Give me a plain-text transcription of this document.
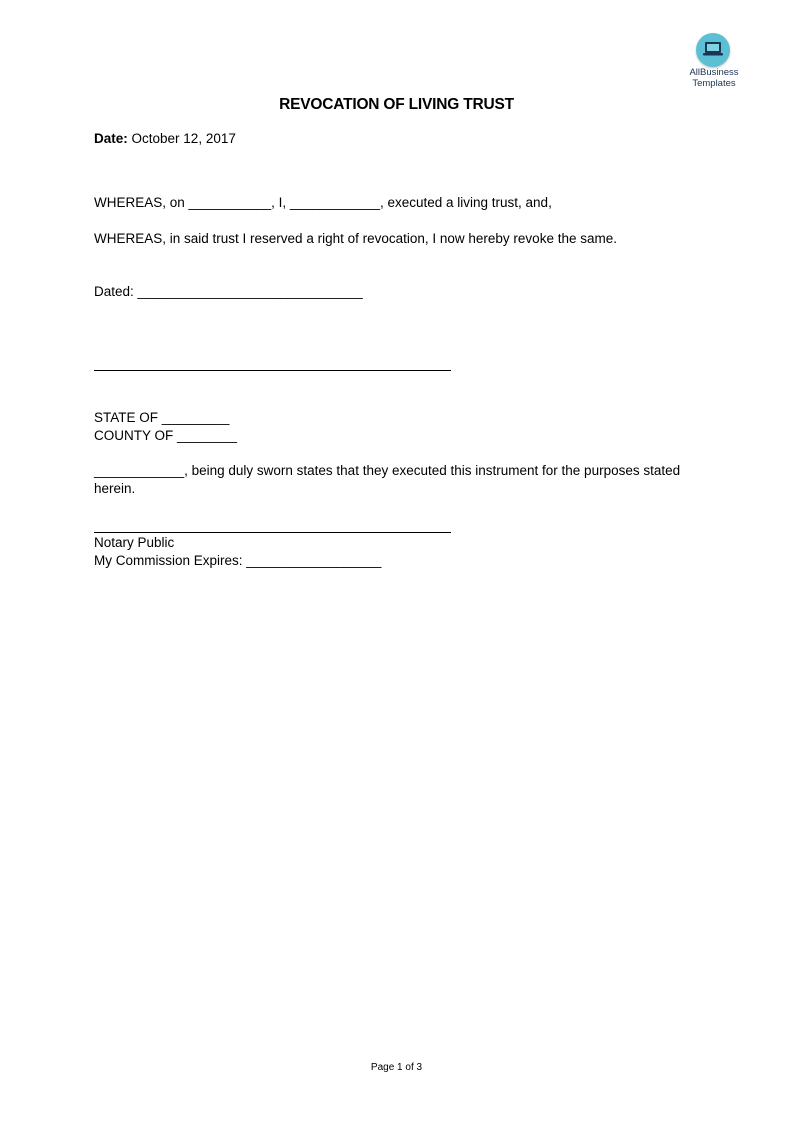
AllBusiness
Templates
REVOCATION OF LIVING TRUST
Date: October 12, 2017
WHEREAS, on ___________, I, ____________, executed a living trust, and,
WHEREAS, in said trust I reserved a right of revocation, I now hereby revoke the same.
Dated: ______________________________
STATE OF _________
COUNTY OF ________
____________, being duly sworn states that they executed this instrument for the purposes stated
herein.
Notary Public
My Commission Expires: __________________
Page 1 of 3
